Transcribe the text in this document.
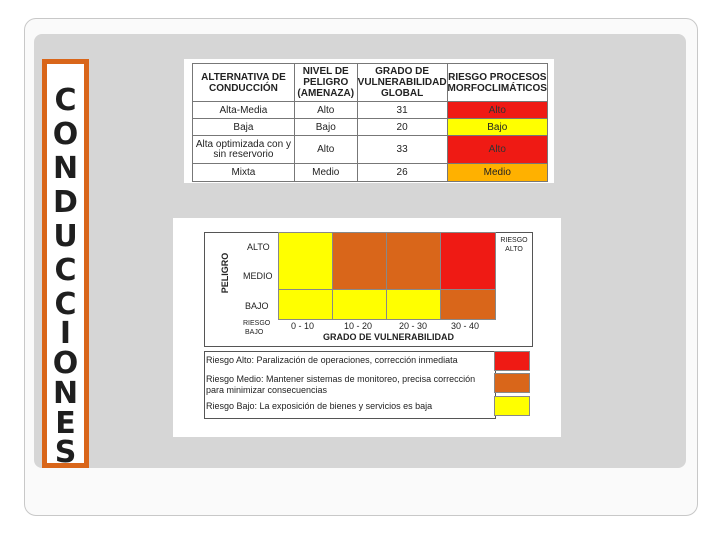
C
O
N
D
U
C
C
I
O
N
E
S
ALTERNATIVA DE CONDUCCIÓN	NIVEL DE PELIGRO (AMENAZA)	GRADO DE VULNERABILIDAD GLOBAL	RIESGO PROCESOS MORFOCLIMÁTICOS
Alta-Media	Alto	31	Alto
Baja	Bajo	20	Bajo
Alta optimizada con y sin reservorio	Alto	33	Alto
Mixta	Medio	26	Medio
PELIGRO
ALTO
MEDIO
BAJO
RIESGO
BAJO
0 - 10	10 - 20	20 - 30	30 - 40
GRADO DE VULNERABILIDAD
RIESGO ALTO
Riesgo Alto: Paralización de operaciones, corrección inmediata
Riesgo Medio: Mantener sistemas de monitoreo, precisa corrección para minimizar consecuencias
Riesgo Bajo: La exposición de bienes y servicios es baja
